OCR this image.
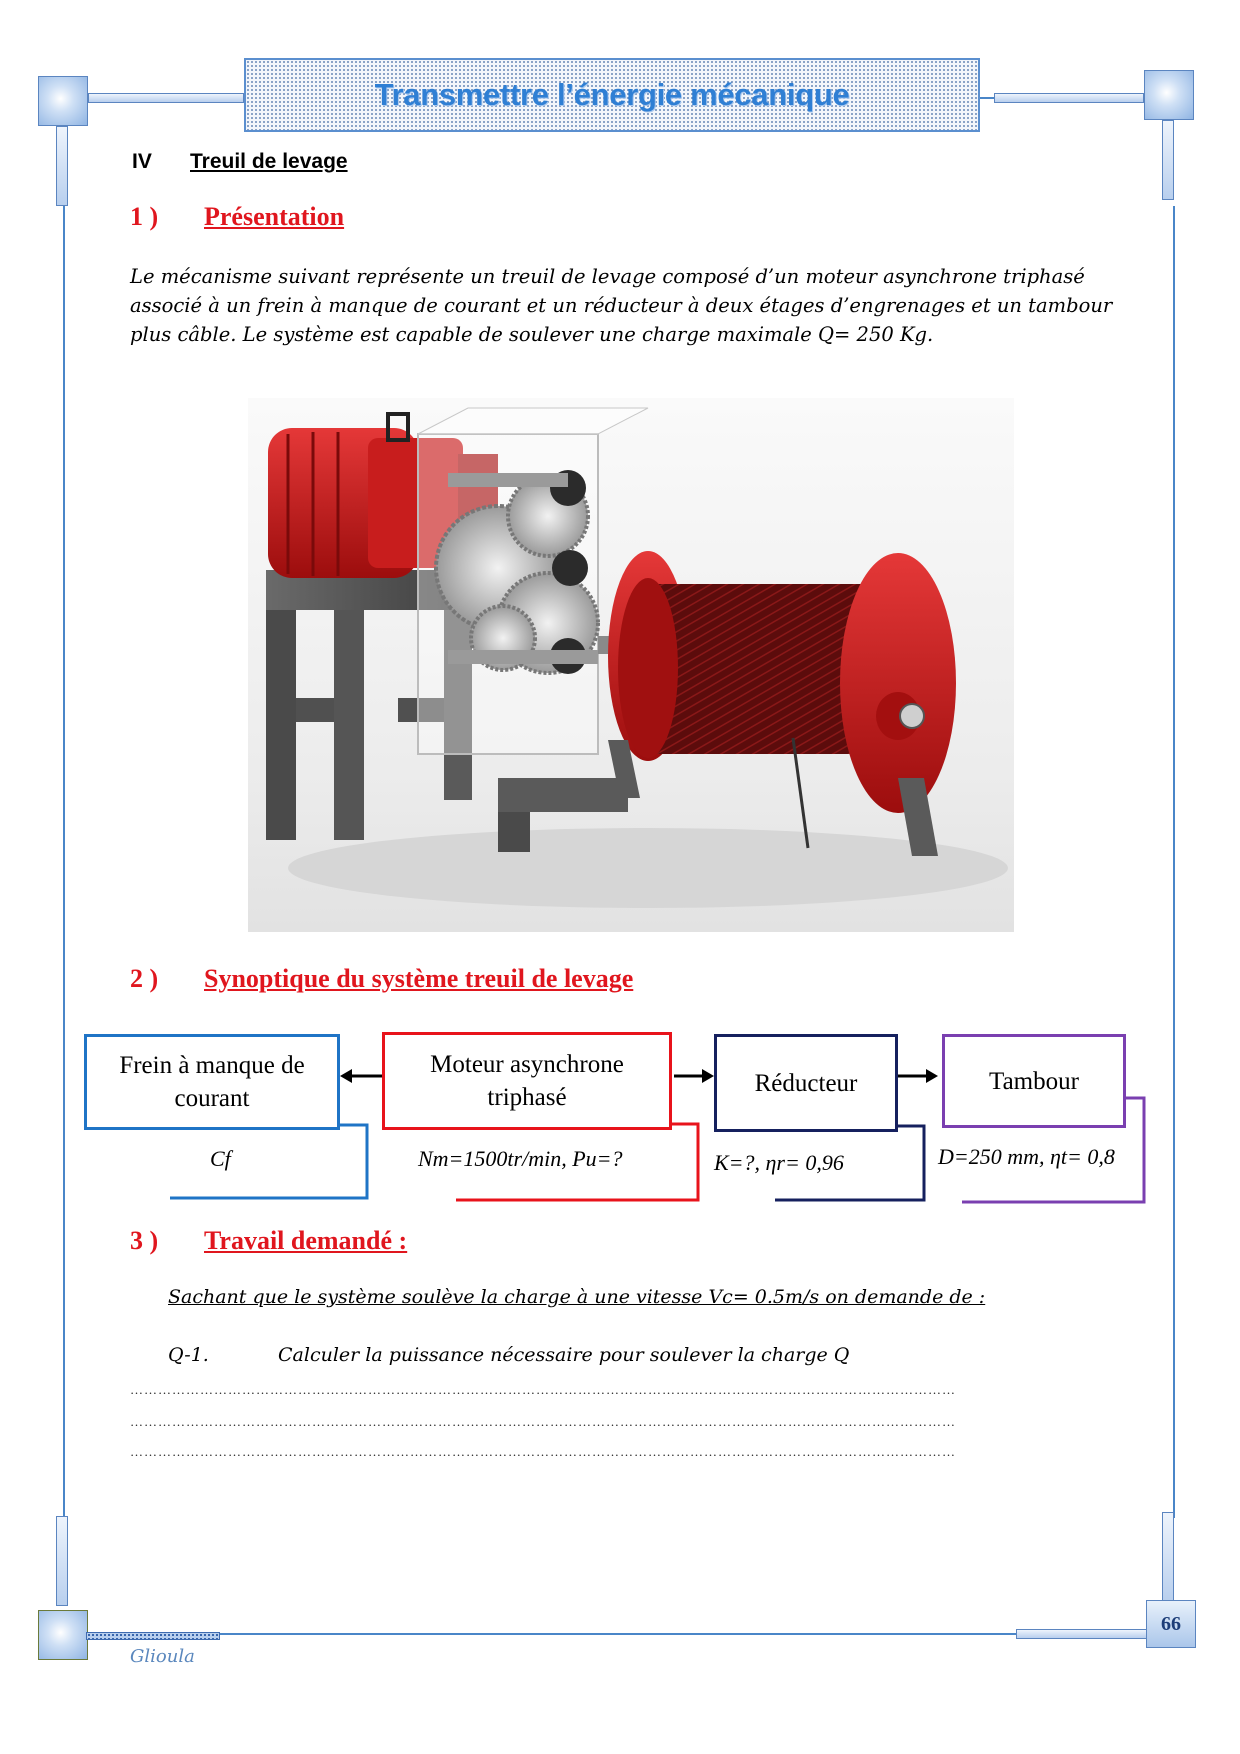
Transmettre l’énergie mécanique
IV	Treuil de levage
1 )	Présentation
Le mécanisme suivant représente un treuil de levage composé d’un moteur asynchrone triphasé
associé à un frein à manque de courant et un réducteur à deux étages d’engrenages et un tambour
plus câble. Le système est capable de soulever une charge maximale Q= 250 Kg.
2 )	Synoptique du système treuil de levage
Frein à manque de
courant
Moteur asynchrone
triphasé
Réducteur	Tambour
Cf	Nm=1500tr/min, Pu=?	K=?, ηr= 0,96	D=250 mm, ηt= 0,8
3 )	Travail demandé :
Sachant que le système soulève la charge à une vitesse Vc= 0.5m/s on demande de :
Q-1.	Calculer la puissance nécessaire pour soulever la charge Q
……………………………………………………………………………………………………………………………………………………………
……………………………………………………………………………………………………………………………………………………………
……………………………………………………………………………………………………………………………………………………………
66
Glioula
